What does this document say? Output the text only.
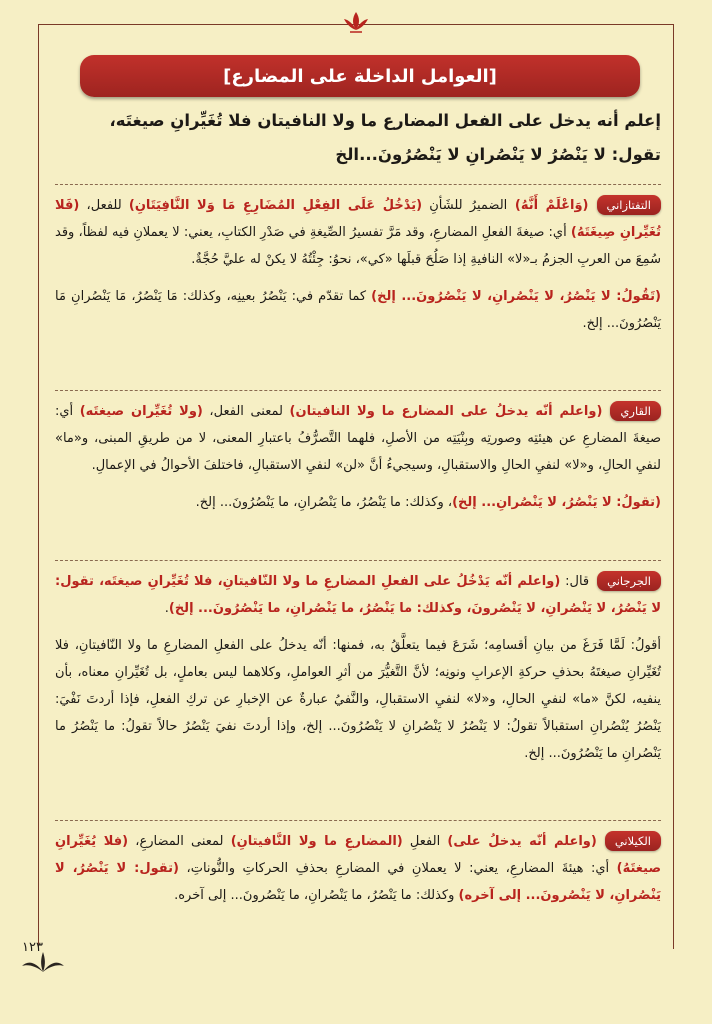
[العوامل الداخلة على المضارع]
إعلم أنه يدخل على الفعل المضارع ما ولا النافيتان فلا تُغَيِّرانِ صيغتَه، تقول: لا يَنْصُرُ لا يَنْصُرانِ لا يَنْصُرُونَ...الخ
التفتازاني
(وَاعْلَمْ أَنَّهُ) الضميرُ للشَأنِ (يَدْخُلُ عَلَى الفِعْلِ المُضَارِعِ مَا وَلا النَّافِيَتَانِ) للفعل، (فَلا تُغَيِّرانِ صِيغَتَهُ) أي: صيغةَ الفعلِ المضارعِ، وقد مَرَّ تفسيرُ الصِّيغةِ في صَدْرِ الكتابِ، يعني: لا يعملانِ فيه لفظاً، وقد سُمِعَ من العربِ الجزمُ بـ«لا» النافيةِ إذا صَلُحَ قبلَها «كي»، نحوُ: جِئْتُهُ لا يكنْ له عليَّ حُجَّةٌ.
(تَقُولُ: لا يَنْصُرُ، لا يَنْصُرانِ، لا يَنْصُرُونَ... إلخ) كما تقدّم في: يَنْصُرُ بعينِه، وكذلك: مَا يَنْصُرُ، مَا يَنْصُرانِ مَا يَنْصُرُونَ... إلخ.
القاري
(واعلم أنّه يدخلُ على المضارع ما ولا النافيتان) لمعنى الفعل، (ولا تُغَيِّران صيغتَه) أي: صيغةَ المضارعِ عن هيئتِه وصورتِه وبِنْيَتِه من الأصلِ، فلهما التَّصرُّفُ باعتبارِ المعنى، لا من طريقِ المبنى، و«ما» لنفيِ الحالِ، و«لا» لنفيِ الحالِ والاستقبالِ، وسيجيءُ أنَّ «لن» لنفيِ الاستقبالِ، فاختلفَ الأحوالُ في الإعمالِ.
(تقولُ: لا يَنْصُرُ، لا يَنْصُرانِ... إلخ)، وكذلك: ما يَنْصُرُ، ما يَنْصُرانِ، ما يَنْصُرُونَ... إلخ.
الجرجاني
قال: (واعلم أنّه يَدْخُلُ على الفعلِ المضارعِ ما ولا النّافيتانِ، فلا تُغَيِّرانِ صيغتَه، تقول: لا يَنْصُرُ، لا يَنْصُرانِ، لا يَنْصُرونَ، وكذلك: ما يَنْصُرُ، ما يَنْصُرانِ، ما يَنْصُرُونَ... إلخ).
أقولُ: لَمَّا فَرَغَ من بيانِ أقسامِه؛ شَرَعَ فيما يتعلَّقُ به، فمنها: أنّه يدخلُ على الفعلِ المضارعِ ما ولا النّافيتانِ، فلا تُغَيِّرانِ صيغتَهُ بحذفِ حركةِ الإعرابِ ونونِه؛ لأنَّ التَّغيُّرَ من أثرِ العواملِ، وكلاهما ليس بعاملٍ، بل تُغَيِّرانِ معناه، بأن ينفيه، لكنَّ «ما» لنفيِ الحالِ، و«لا» لنفيِ الاستقبالِ، والنَّفيُ عبارةٌ عن الإخبارِ عن تركِ الفعلِ، فإذا أردتَ نَفْيَ: يَنْصُرُ يُنْصُرانِ استقبالاً تقولُ: لا يَنْصُرُ لا يَنْصُرانِ لا يَنْصُرُونَ... إلخ، وإذا أردتَ نفيَ يَنْصُرُ حالاً تقولُ: ما يَنْصُرُ ما يَنْصُرانِ ما يَنْصُرُونَ... إلخ.
الكيلاني
(واعلم أنّه يدخلُ على) الفعلِ (المضارعِ ما ولا النَّافيتانِ) لمعنى المضارعِ، (فلا يُغَيِّرانِ صيغتَهُ) أي: هيئةَ المضارعِ، يعني: لا يعملانِ في المضارعِ بحذفِ الحركاتِ والنُّوناتِ، (تقول: لا يَنْصُرُ، لا يَنْصُرانِ، لا يَنْصُرونَ... إلى آخره) وكذلك: ما يَنْصُرُ، ما يَنْصُرانِ، ما يَنْصُرونَ... إلى آخره.
١٢٣
